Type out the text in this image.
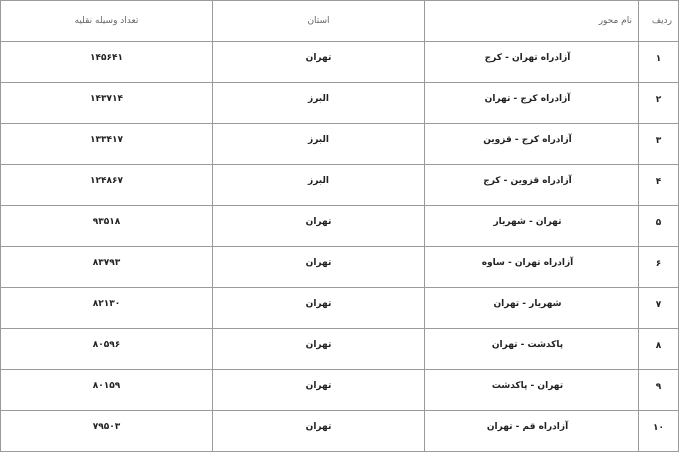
ردیف	نام محور	استان	تعداد وسیله نقلیه
۱	آزادراه تهران - کرج	تهران	۱۴۵۶۴۱
۲	آزادراه کرج - تهران	البرز	۱۴۳۷۱۴
۳	آزادراه کرج - قزوین	البرز	۱۳۳۴۱۷
۴	آزادراه قزوین - کرج	البرز	۱۲۴۸۶۷
۵	تهران - شهریار	تهران	۹۳۵۱۸
۶	آزادراه تهران - ساوه	تهران	۸۳۷۹۳
۷	شهریار - تهران	تهران	۸۲۱۳۰
۸	پاکدشت - تهران	تهران	۸۰۵۹۶
۹	تهران - پاکدشت	تهران	۸۰۱۵۹
۱۰	آزادراه قم - تهران	تهران	۷۹۵۰۳
